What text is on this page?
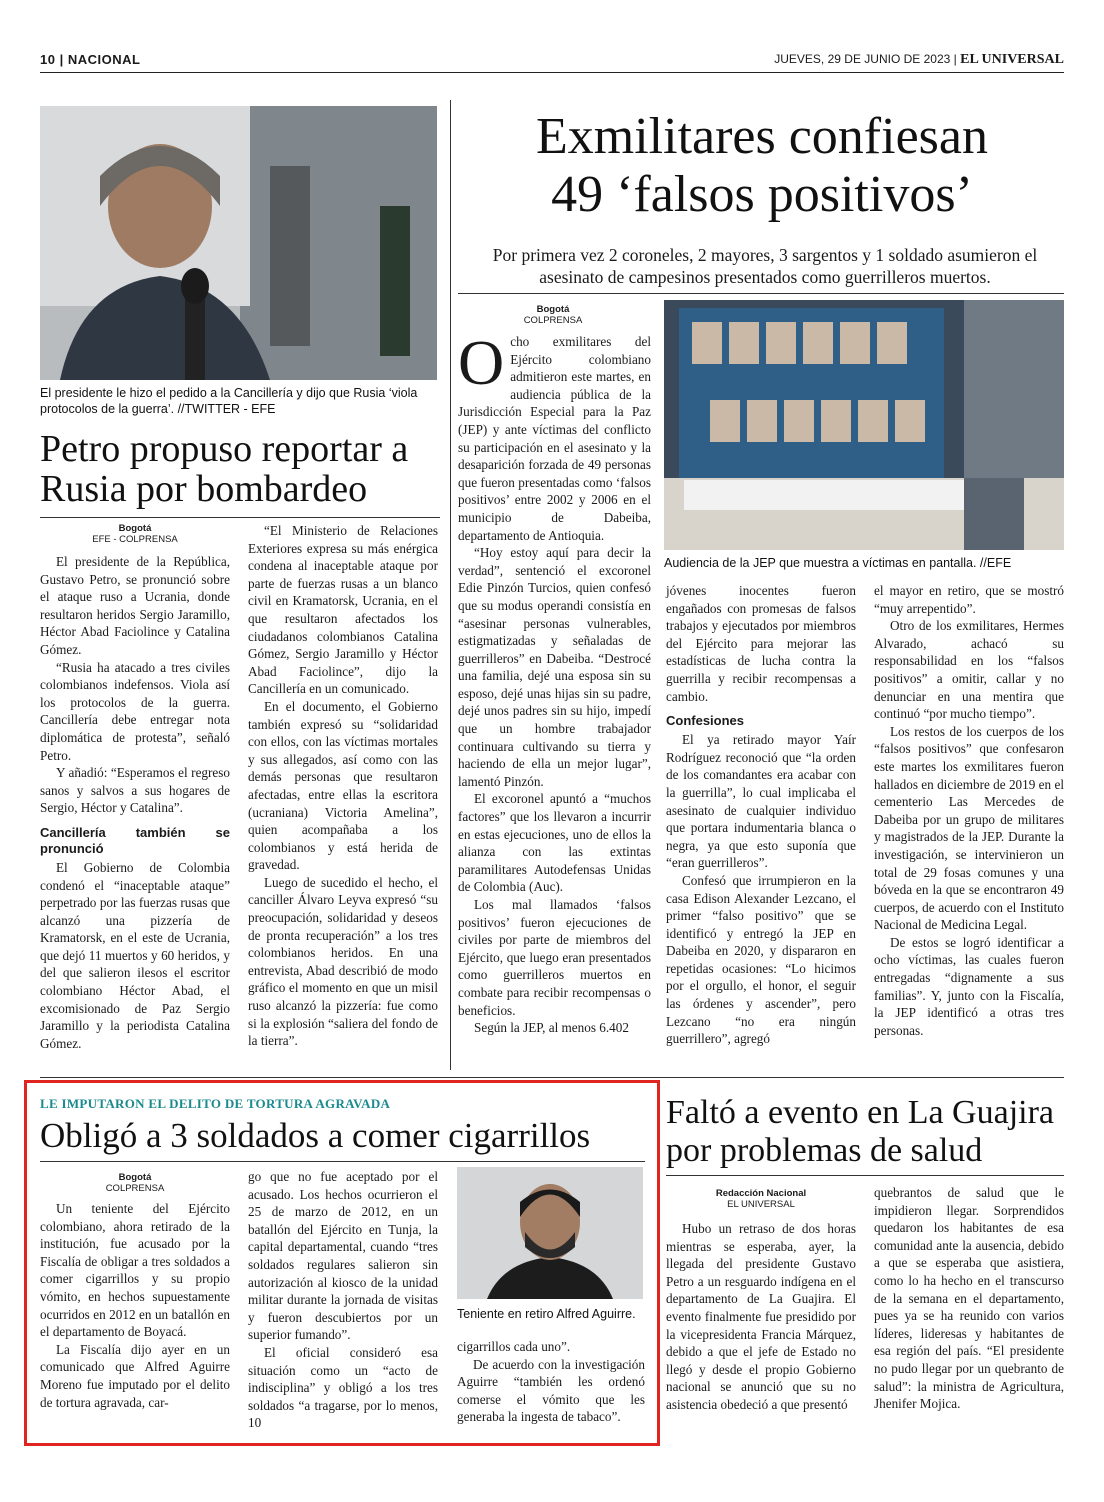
10 | NACIONAL	JUEVES, 29 DE JUNIO DE 2023 | EL UNIVERSAL
El presidente le hizo el pedido a la Cancillería y dijo que Rusia ‘viola protocolos de la guerra’. //TWITTER - EFE
Petro propuso reportar a Rusia por bombardeo
Bogotá
EFE - COLPRENSA

El presidente de la República, Gustavo Petro, se pronunció sobre el ataque ruso a Ucrania, donde resultaron heridos Sergio Jaramillo, Héctor Abad Faciolince y Catalina Gómez.

“Rusia ha atacado a tres civiles colombianos indefensos. Viola así los protocolos de la guerra. Cancillería debe entregar nota diplomática de protesta”, señaló Petro.

Y añadió: “Esperamos el regreso sanos y salvos a sus hogares de Sergio, Héctor y Catalina”.

Cancillería también se pronunció

El Gobierno de Colombia condenó el “inaceptable ataque” perpetrado por las fuerzas rusas que alcanzó una pizzería de Kramatorsk, en el este de Ucrania, que dejó 11 muertos y 60 heridos, y del que salieron ilesos el escritor colombiano Héctor Abad, el excomisionado de Paz Sergio Jaramillo y la periodista Catalina Gómez.

“El Ministerio de Relaciones Exteriores expresa su más enérgica condena al inaceptable ataque por parte de fuerzas rusas a un blanco civil en Kramatorsk, Ucrania, en el que resultaron afectados los ciudadanos colombianos Catalina Gómez, Sergio Jaramillo y Héctor Abad Faciolince”, dijo la Cancillería en un comunicado.

En el documento, el Gobierno también expresó su “solidaridad con ellos, con las víctimas mortales y sus allegados, así como con las demás personas que resultaron afectadas, entre ellas la escritora (ucraniana) Victoria Amelina”, quien acompañaba a los colombianos y está herida de gravedad.

Luego de sucedido el hecho, el canciller Álvaro Leyva expresó “su preocupación, solidaridad y deseos de pronta recuperación” a los tres colombianos heridos. En una entrevista, Abad describió de modo gráfico el momento en que un misil ruso alcanzó la pizzería: fue como si la explosión “saliera del fondo de la tierra”.

Exmilitares confiesan
49 ‘falsos positivos’
Por primera vez 2 coroneles, 2 mayores, 3 sargentos y 1 soldado asumieron el asesinato de campesinos presentados como guerrilleros muertos.
Bogotá
COLPRENSA
Audiencia de la JEP que muestra a víctimas en pantalla. //EFE

Ocho exmilitares del Ejército colombiano admitieron este martes, en audiencia pública de la Jurisdicción Especial para la Paz (JEP) y ante víctimas del conflicto su participación en el asesinato y la desaparición forzada de 49 personas que fueron presentadas como ‘falsos positivos’ entre 2002 y 2006 en el municipio de Dabeiba, departamento de Antioquia.

“Hoy estoy aquí para decir la verdad”, sentenció el excoronel Edie Pinzón Turcios, quien confesó que su modus operandi consistía en “asesinar personas vulnerables, estigmatizadas y señaladas de guerrilleros” en Dabeiba. “Destrocé una familia, dejé una esposa sin su esposo, dejé unas hijas sin su padre, dejé unos padres sin su hijo, impedí que un hombre trabajador continuara cultivando su tierra y haciendo de ella un mejor lugar”, lamentó Pinzón.

El excoronel apuntó a “muchos factores” que los llevaron a incurrir en estas ejecuciones, uno de ellos la alianza con las extintas paramilitares Autodefensas Unidas de Colombia (Auc).

Los mal llamados ‘falsos positivos’ fueron ejecuciones de civiles por parte de miembros del Ejército, que luego eran presentados como guerrilleros muertos en combate para recibir recompensas o beneficios.

Según la JEP, al menos 6.402

jóvenes inocentes fueron engañados con promesas de falsos trabajos y ejecutados por miembros del Ejército para mejorar las estadísticas de lucha contra la guerrilla y recibir recompensas a cambio.

Confesiones

El ya retirado mayor Yaír Rodríguez reconoció que “la orden de los comandantes era acabar con la guerrilla”, lo cual implicaba el asesinato de cualquier individuo que portara indumentaria blanca o negra, ya que esto suponía que “eran guerrilleros”.

Confesó que irrumpieron en la casa Edison Alexander Lezcano, el primer “falso positivo” que se identificó y entregó la JEP en Dabeiba en 2020, y dispararon en repetidas ocasiones: “Lo hicimos por el orgullo, el honor, el seguir las órdenes y ascender”, pero Lezcano “no era ningún guerrillero”, agregó

el mayor en retiro, que se mostró “muy arrepentido”.

Otro de los exmilitares, Hermes Alvarado, achacó su responsabilidad en los “falsos positivos” a omitir, callar y no denunciar en una mentira que continuó “por mucho tiempo”.

Los restos de los cuerpos de los “falsos positivos” que confesaron este martes los exmilitares fueron hallados en diciembre de 2019 en el cementerio Las Mercedes de Dabeiba por un grupo de militares y magistrados de la JEP. Durante la investigación, se intervinieron un total de 29 fosas comunes y una bóveda en la que se encontraron 49 cuerpos, de acuerdo con el Instituto Nacional de Medicina Legal.

De estos se logró identificar a ocho víctimas, las cuales fueron entregadas “dignamente a sus familias”. Y, junto con la Fiscalía, la JEP identificó a otras tres personas.

LE IMPUTARON EL DELITO DE TORTURA AGRAVADA
Obligó a 3 soldados a comer cigarrillos
Bogotá
COLPRENSA

Un teniente del Ejército colombiano, ahora retirado de la institución, fue acusado por la Fiscalía de obligar a tres soldados a comer cigarrillos y su propio vómito, en hechos supuestamente ocurridos en 2012 en un batallón en el departamento de Boyacá.

La Fiscalía dijo ayer en un comunicado que Alfred Aguirre Moreno fue imputado por el delito de tortura agravada, car-

go que no fue aceptado por el acusado. Los hechos ocurrieron el 25 de marzo de 2012, en un batallón del Ejército en Tunja, la capital departamental, cuando “tres soldados regulares salieron sin autorización al kiosco de la unidad militar durante la jornada de visitas y fueron descubiertos por un superior fumando”.

El oficial consideró esa situación como un “acto de indisciplina” y obligó a los tres soldados “a tragarse, por lo menos, 10

Teniente en retiro Alfred Aguirre.

cigarrillos cada uno”.

De acuerdo con la investigación Aguirre “también les ordenó comerse el vómito que les generaba la ingesta de tabaco”.

Faltó a evento en La Guajira por problemas de salud
Redacción Nacional
EL UNIVERSAL

Hubo un retraso de dos horas mientras se esperaba, ayer, la llegada del presidente Gustavo Petro a un resguardo indígena en el departamento de La Guajira. El evento finalmente fue presidido por la vicepresidenta Francia Márquez, debido a que el jefe de Estado no llegó y desde el propio Gobierno nacional se anunció que su no asistencia obedeció a que presentó

quebrantos de salud que le impidieron llegar. Sorprendidos quedaron los habitantes de esa comunidad ante la ausencia, debido a que se esperaba que asistiera, como lo ha hecho en el transcurso de la semana en el departamento, pues ya se ha reunido con varios líderes, lideresas y habitantes de esa región del país. “El presidente no pudo llegar por un quebranto de salud”: la ministra de Agricultura, Jhenifer Mojica.
